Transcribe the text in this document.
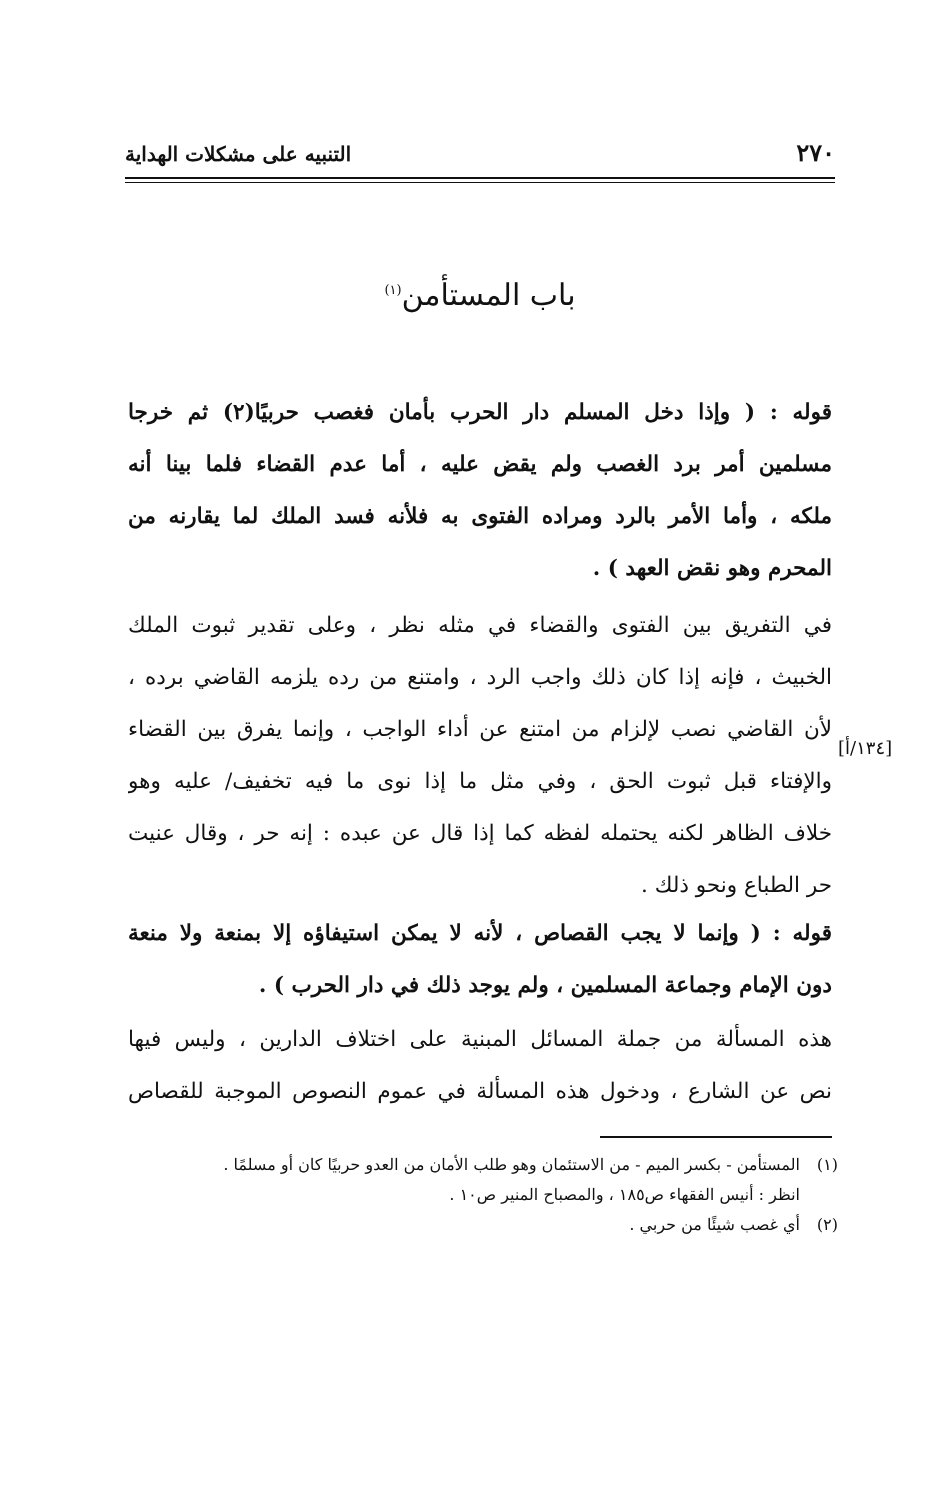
التنبيه على مشكلات الهداية	٢٧٠
باب المستأمن$^{(١)}$
قوله : ( وإذا دخل المسلم دار الحرب بأمان فغصب حربيًا(٢) ثم خرجا
مسلمين أمر برد الغصب ولم يقض عليه ، أما عدم القضاء فلما بينا أنه
ملكه ، وأما الأمر بالرد ومراده الفتوى به فلأنه فسد الملك لما يقارنه من
المحرم وهو نقض العهد ) .
في التفريق بين الفتوى والقضاء في مثله نظر ، وعلى تقدير ثبوت الملك
الخبيث ، فإنه إذا كان ذلك واجب الرد ، وامتنع من رده يلزمه القاضي برده ،
لأن القاضي نصب لإلزام من امتنع عن أداء الواجب ، وإنما يفرق بين القضاء
والإفتاء قبل ثبوت الحق ، وفي مثل ما إذا نوى ما فيه تخفيف/ عليه وهو
خلاف الظاهر لكنه يحتمله لفظه كما إذا قال عن عبده : إنه حر ، وقال عنيت
حر الطباع ونحو ذلك .
[١٣٤/أ]
قوله : ( وإنما لا يجب القصاص ، لأنه لا يمكن استيفاؤه إلا بمنعة ولا منعة
دون الإمام وجماعة المسلمين ، ولم يوجد ذلك في دار الحرب ) .
هذه المسألة من جملة المسائل المبنية على اختلاف الدارين ، وليس فيها
نص عن الشارع ، ودخول هذه المسألة في عموم النصوص الموجبة للقصاص
(١)المستأمن - بكسر الميم - من الاستئمان وهو طلب الأمان من العدو حربيًا كان أو مسلمًا .
انظر : أنيس الفقهاء ص١٨٥ ، والمصباح المنير ص١٠ .
(٢)أي غصب شيئًا من حربي .
